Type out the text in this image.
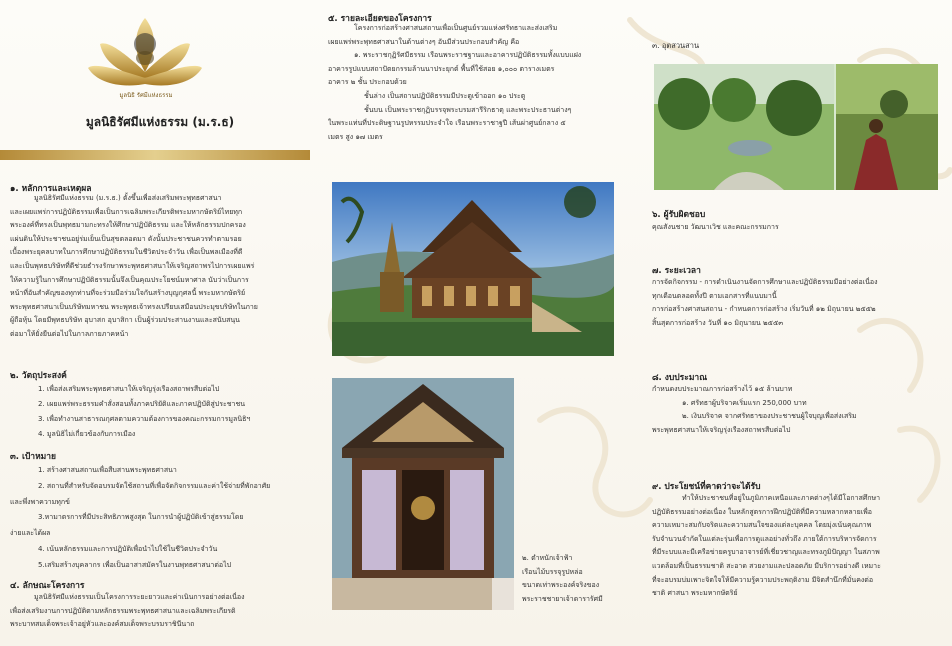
มูลนิธิ รัศมีแห่งธรรม
มูลนิธิรัศมีแห่งธรรม (ม.ร.ธ)
๑. หลักการและเหตุผล
มูลนิธิรัศมีแห่งธรรม (ม.ร.ธ.) ตั้งขึ้นเพื่อส่งเสริมพระพุทธศาสนา
และเผยแพร่การปฏิบัติธรรมเพื่อเป็นการเฉลิมพระเกียรติพระมหากษัตริย์ไทยทุก
พระองค์ที่ทรงเป็นพุทธมามกะทรงให้ศึกษาปฏิบัติธรรม และให้หลักธรรมปกครอง
แผ่นดินให้ประชาชนอยู่ร่มเย็นเป็นสุขตลอดมา ดังนั้นประชาชนควรทำตามรอย
เบื้องพระยุคลบาทในการศึกษาปฏิบัติธรรมในชีวิตประจำวัน เพื่อเป็นพลเมืองที่ดี
และเป็นพุทธบริษัทที่ดีช่วยธำรงรักษาพระพุทธศาสนาให้เจริญสถาพรไปการเผยแพร่
ให้ความรู้ในการศึกษาปฏิบัติธรรมนั้นจึงเป็นคุณประโยชน์มหาศาล นับว่าเป็นการ
หน้าที่อันสำคัญของทุกท่านที่จะร่วมมือร่วมใจกันสร้างบุญกุศลนี้ พระมหากษัตริย์
พระพุทธศาสนาเป็นบริษัทมหาชน พระพุทธเจ้าทรงเปรียบเสมือนประมุขบริษัทในภาย
ผู้ถือหุ้น โดยมีพุทธบริษัท อุบาสก อุบาสิกา เป็นผู้ร่วมประสานงานและสนับสนุน
ต่อมาให้ยั่งยืนต่อไปในกาลภายภาคหน้า
๒. วัตถุประสงค์
1. เพื่อส่งเสริมพระพุทธศาสนาให้เจริญรุ่งเรืองสถาพรสืบต่อไป
2. เผยแพร่พระธรรมคำสั่งสอนทั้งภาคปริยัติและภาคปฏิบัติสู่ประชาชน
3. เพื่อทำงานสาธารณกุศลตามความต้องการของคณะกรรมการมูลนิธิฯ
4. มูลนิธิไม่เกี่ยวข้องกับการเมือง
๓. เป้าหมาย
1. สร้างศาสนสถานเพื่อสืบสานพระพุทธศาสนา
2. สถานที่สำหรับจัดอบรมจัดใช้สถานที่เพื่อจัดกิจกรรมและค่าใช้จ่ายที่พักอาศัย
และพึ่งพาความทุกข์
3.หามาตรการที่มีประสิทธิภาพสูงสุด ในการนำผู้ปฏิบัติเข้าสู่ธรรมโดย
ง่ายและได้ผล
4. เน้นหลักธรรมและการปฏิบัติเพื่อนำไปใช้ในชีวิตประจำวัน
5.เสริมสร้างบุคลากร เพื่อเป็นอาสาสมัครในงานพุทธศาสนาต่อไป
๔. ลักษณะโครงการ
มูลนิธิรัศมีแห่งธรรมเป็นโครงการระยะยาวและค่าเนินการอย่างต่อเนื่อง
เพื่อส่งเสริมงานการปฏิบัติตามหลักธรรมพระพุทธศาสนาและเฉลิมพระเกียรติ
พระบาทสมเด็จพระเจ้าอยู่หัวและองค์สมเด็จพระบรมราชินีนาถ
๕. รายละเอียดของโครงการ
โครงการก่อสร้างศาสนสถานเพื่อเป็นศูนย์รวมแห่งศรัทธาและส่งเสริม
เผยแพร่พระพุทธศาสนาในด้านต่างๆ อันมีส่วนประกอบสำคัญ คือ
๑. พระราชกุฏิรัศมีธรรม เรือนพระราชฐานและอาคารปฏิบัติธรรมทั้งแบบแฝง
อาคารรูปแบบสถาปัตยกรรมล้านนาประยุกต์ พื้นที่ใช้สอย ๑,๐๐๐ ตารางเมตร
อาคาร ๒ ชั้น ประกอบด้วย
ชั้นล่าง เป็นสถานปฏิบัติธรรมมีประตูเข้าออก ๑๐ ประตู
ชั้นบน เป็นพระราชกุฏิบรรจุพระบรมสารีริกธาตุ และพระประธานต่างๆ
ในพระแท่นที่ประดิษฐานรูปหรรมประจำใจ เรือนพระราชาฐปี เส้นผ่าศูนย์กลาง ๕
เมตร สูง ๑๗ เมตร
๒. ตำหนักเจ้าฟ้า
เรือนไม้บรรจุรูปหล่อ
ขนาดเท่าพระองค์จริงของ
พระราชชายาเจ้าดารารัศมี
๓. อุตสวนสาน
๖. ผู้รับผิดชอบ
คุณสังนชาย วัฒนาเวิช และคณะกรรมการ
๗. ระยะเวลา
การจัดกิจกรรม - การดำเนินงานจัดการศึกษาและปฏิบัติธรรมมีอย่างต่อเนื่อง
ทุกเดือนตลอดทั้งปี ตามเอกสารที่แนบมานี้
การก่อสร้างศาสนสถาน - กำหนดการก่อสร้าง เริ่มวันที่ ๑๒ มิถุนายน ๒๕๕๒
สิ้นสุดการก่อสร้าง วันที่ ๑๐ มิถุนายน ๒๕๕๓
๘. งบประมาณ
กำหนดงบประมาณการก่อสร้างไว้ ๑๕ ล้านบาท
๑. ศรัทธาผู้บริจาคเริ่มแรก 250,000 บาท
๒. เงินบริจาค จากศรัทธาของประชาชนผู้ใจบุญเพื่อส่งเสริม
พระพุทธศาสนาให้เจริญรุ่งเรืองสถาพรสืบต่อไป
๙. ประโยชน์ที่คาดว่าจะได้รับ
ทำให้ประชาชนที่อยู่ในภูมิภาคเหนือและภาคต่างๆได้มีโอกาสศึกษา
ปฏิบัติธรรมอย่างต่อเนื่อง ในหลักสูตรการฝึกปฏิบัติที่มีความหลากหลายเพื่อ
ความเหมาะสมกับจริตและความสนใจของแต่ละบุคคล โดยมุ่งเน้นคุณภาพ
รับจำนวนจำกัดในแต่ละรุ่นเพื่อการดูแลอย่างทั่วถึง ภายใต้การบริหารจัดการ
ที่มีระบบและมีเครือข่ายครูบาอาจารย์ที่เชี่ยวชาญและทรงภูมิปัญญา ในสภาพ
แวดล้อมที่เป็นธรรมชาติ สะอาด สวยงามและปลอดภัย มีบริการอย่างดี เหมาะ
ที่จะอบรมบ่มเพาะจิตใจให้มีความรู้ความประพฤติงาม มีจิตสำนึกที่มั่นคงต่อ
ชาติ ศาสนา พระมหากษัตริย์
